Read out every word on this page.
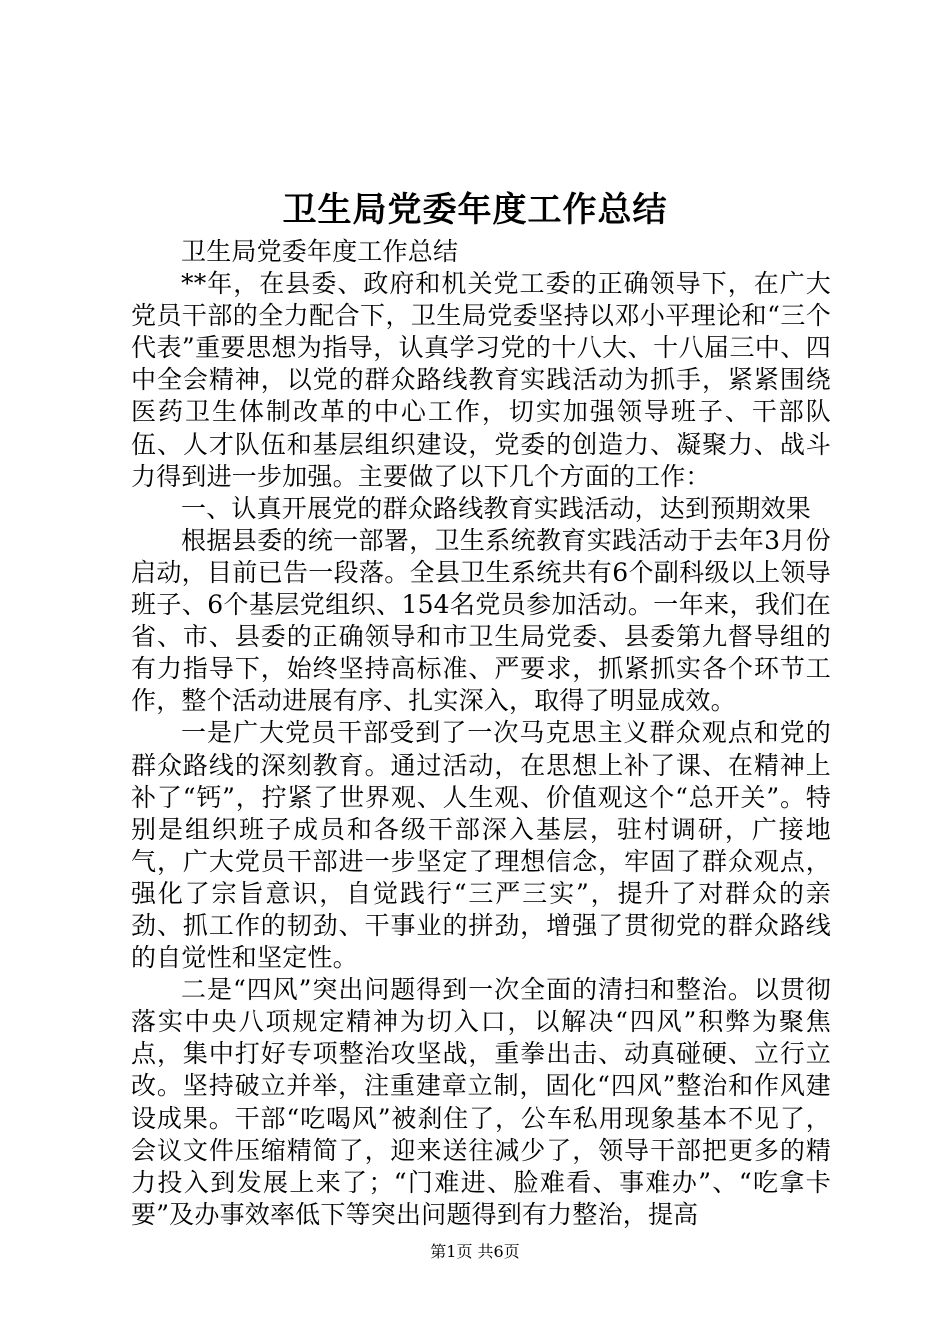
卫生局党委年度工作总结

卫生局党委年度工作总结

**年，在县委、政府和机关党工委的正确领导下，在广大党员干部的全力配合下，卫生局党委坚持以邓小平理论和“三个代表”重要思想为指导，认真学习党的十八大、十八届三中、四中全会精神，以党的群众路线教育实践活动为抓手，紧紧围绕医药卫生体制改革的中心工作，切实加强领导班子、干部队伍、人才队伍和基层组织建设，党委的创造力、凝聚力、战斗力得到进一步加强。主要做了以下几个方面的工作：

一、认真开展党的群众路线教育实践活动，达到预期效果

根据县委的统一部署，卫生系统教育实践活动于去年3月份启动，目前已告一段落。全县卫生系统共有6个副科级以上领导班子、6个基层党组织、154名党员参加活动。一年来，我们在省、市、县委的正确领导和市卫生局党委、县委第九督导组的有力指导下，始终坚持高标准、严要求，抓紧抓实各个环节工作，整个活动进展有序、扎实深入，取得了明显成效。

一是广大党员干部受到了一次马克思主义群众观点和党的群众路线的深刻教育。通过活动，在思想上补了课、在精神上补了“钙”，拧紧了世界观、人生观、价值观这个“总开关”。特别是组织班子成员和各级干部深入基层，驻村调研，广接地气，广大党员干部进一步坚定了理想信念，牢固了群众观点，强化了宗旨意识，自觉践行“三严三实”，提升了对群众的亲劲、抓工作的韧劲、干事业的拼劲，增强了贯彻党的群众路线的自觉性和坚定性。

二是“四风”突出问题得到一次全面的清扫和整治。以贯彻落实中央八项规定精神为切入口，以解决“四风”积弊为聚焦点，集中打好专项整治攻坚战，重拳出击、动真碰硬、立行立改。坚持破立并举，注重建章立制，固化“四风”整治和作风建设成果。干部“吃喝风”被刹住了，公车私用现象基本不见了，会议文件压缩精简了，迎来送往减少了，领导干部把更多的精力投入到发展上来了；“门难进、脸难看、事难办”、“吃拿卡要”及办事效率低下等突出问题得到有力整治，提高

第1页 共6页
